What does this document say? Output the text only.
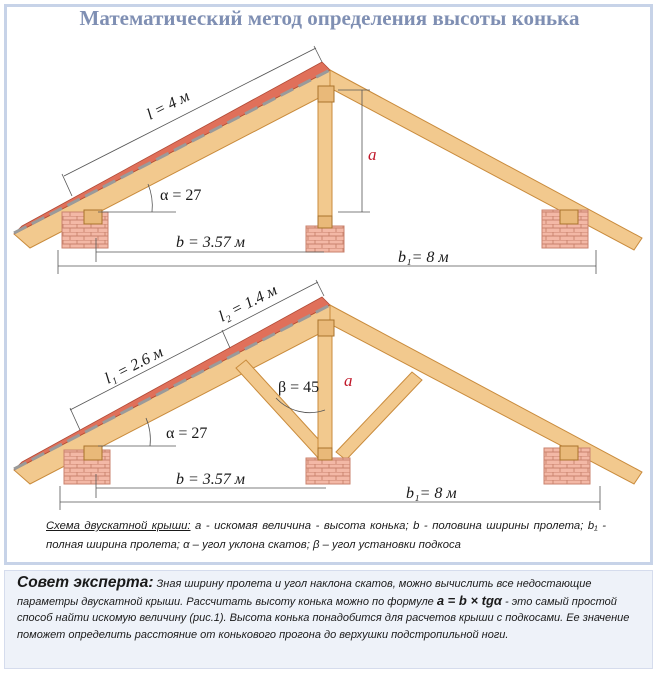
Математический метод определения высоты конька
l = 4 м
α = 27
a
b = 3.57 м
b₁= 8 м
l₁ = 2.6 м
l₂ = 1.4 м
β = 45 a
α = 27
b = 3.57 м
b₁= 8 м
Схема двускатной крыши: a - искомая величина - высота конька; b - половина ширины пролета; b₁ - полная ширина пролета; α – угол уклона скатов; β – угол установки подкоса
Совет эксперта: Зная ширину пролета и угол наклона скатов, можно вычислить все недостающие параметры двускатной крыши. Рассчитать высоту конька можно по формуле a = b × tgα - это самый простой способ найти искомую величину (рис.1). Высота конька понадобится для расчетов крыши с подкосами. Ее значение поможет определить расстояние от конькового прогона до верхушки подстропильной ноги.
